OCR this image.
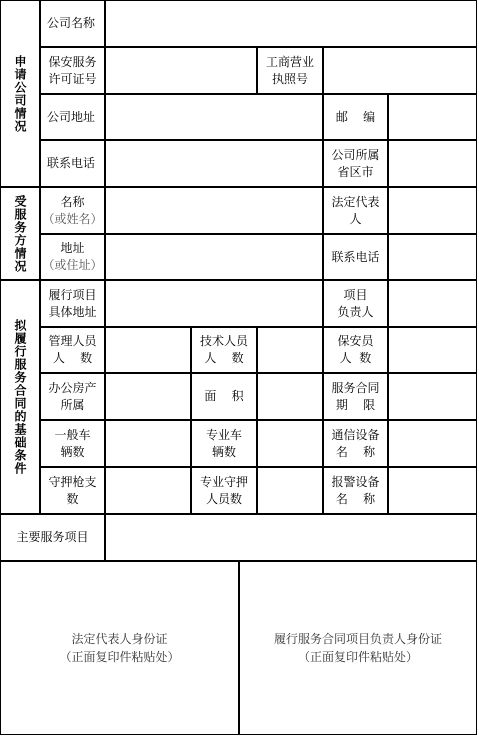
申请公司情况
受服务方情况
拟履行服务合同的基础条件
公司名称
保安服务
许可证号
工商营业
执照号
公司地址	邮    编
联系电话
公司所属
省区市
名称
（或姓名）
法定代表
人
地址
（或住址）
联系电话
履行项目
具体地址
项目
负责人
管理人员
人    数
技术人员
人    数
保安员
人  数
办公房产
所属
面    积
服务合同
期    限
一般车
辆数
专业车
辆数
通信设备
名    称
守押枪支
数
专业守押
人员数
报警设备
名    称
主要服务项目
法定代表人身份证
（正面复印件粘贴处）
履行服务合同项目负责人身份证
（正面复印件粘贴处）
